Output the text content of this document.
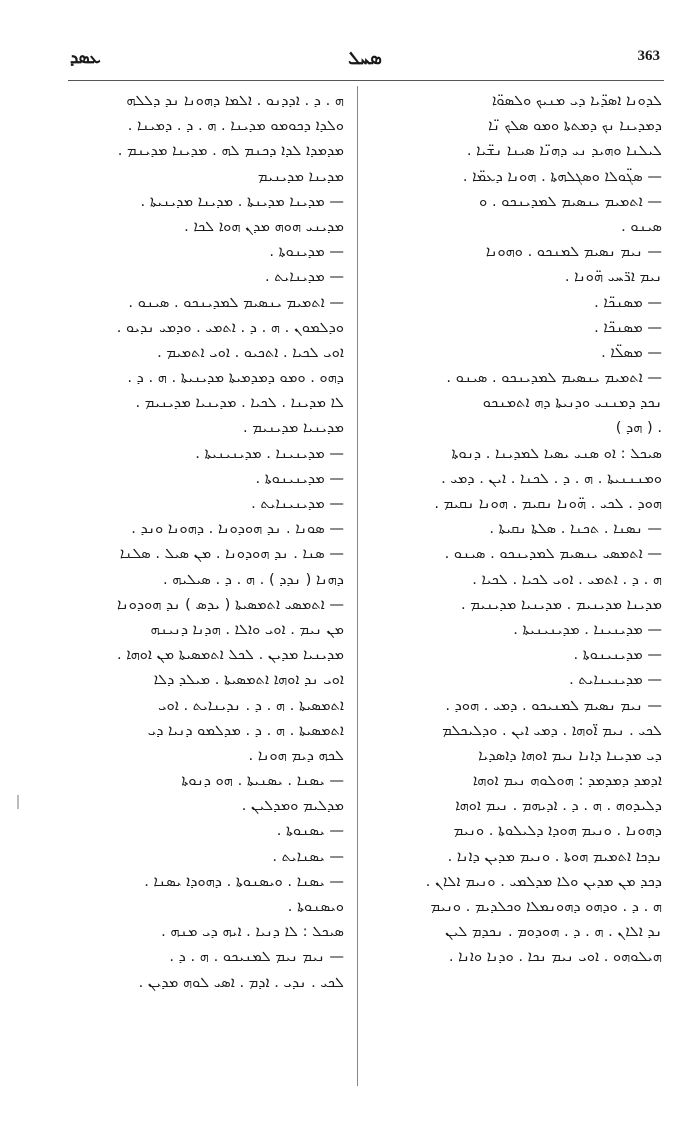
ܥܣܕ	ܣܚܠ	363
ܠܕܘܢܐ ܐܣܕ̈ܝܐ ܕܝ ܡܢܝܟ ܘܠܣܘ̈ܐ
ܕܡܕܝܢܐ ܢܟ ܕܡܬܬܐ ܘܡܘ ܣܠܟ ܢ̈ܐ
ܠܝܠܢܐ ܘܗܝܕ ܢܝ ܕܗܢ̈ܐ ܣܝܢܐ ܢܫ̈ܝܐ .
— ܣܓ̈ܘܠܐ ܘܣܓܠܗܬܐ . ܗܘܢܐ ܕܥܡ̈ܐ .
— ܐܬܡܝܡ ܝܢܣܝܡ ܠܡܕܝܢܟܘ . ܘ
ܣܝܢܘ .
— ܢܝܡ ܢܣܝܡ ܠܡܢܟܘ . ܘܗܘܢܐ
ܢܝܡ ܐܪ̈ܚܝ ܗ̈ܘܢܐ .
— ܡܣܢܟ̈ܐ .
— ܡܣܢܟ̈ܐ .
— ܡܣܠ̈ܐ .
— ܐܬܡܝܡ ܝܢܣܝܡ ܠܡܕܝܢܟܘ . ܣܝܢܘ .
ܢܟܕ ܕܡܢܢܝ ܘܕܢܝܬܐ ܕܗ ܐܬܡܢܟܘ
. ( ܗܕ )
ܣܝܟܠ : ܐܘ ܣܢܝ ܝܣܝܐ ܠܡܕܝܢܐ . ܕܢܘܬܐ
ܘܡܢܢܢܝܬܐ . ܗ . ܕ . ܠܟܢܐ . ܐܝܢ . ܕܡܝ .
ܗܘܕ . ܠܟܝ . ܗ̈ܘܢܐ ܢܩܝܡ . ܗܘܢܐ ܢܩܝܡ .
— ܢܣܢܐ . ܬܟܢܐ . ܣܠܬܐ ܢܩܝܬܐ .
— ܐܬܡܣܝ ܝܢܣܝܡ ܠܡܕܝܢܟܘ . ܣܝܢܘ .
ܗ . ܕ . ܐܬܡܝ . ܐܘܝ ܠܟܝܐ . ܠܟܝܐ .
ܡܕܝܢܐ ܡܕܝܢܝܡ . ܡܕܝܢܝܐ ܡܕܝܢܝܡ .
— ܡܕܝܢܝܢܐ . ܡܕܝܢܝܢܝܬܐ .
— ܡܕܝܢܝܢܘܬܐ .
— ܡܕܝܢܝܢܐܝܬ .
— ܢܝܡ ܢܣܝܡ ܠܡܢܝܟܘ . ܕܡܝ . ܗܘܕ .
ܠܟܝ . ܢܝܡ ܐ̈ܘܗܐ . ܕܡܝ ܐܝܢ . ܘܕܠܝܟܠܡ
ܕܝ ܡܕܝܢܐ ܕܐܢܐ ܢܝܡ ܐܘܗܐ ܕܐܣܕܝܐ
ܐܕܡܕ ܕܡܕܡܕ : ܗܘܠܘܗ ܢܝܡ ܐܘܗܐ
ܕܠܝܕܘܗ . ܗ . ܕ . ܐܕܝܗܡ . ܢܝܡ ܐܘܗܐ
ܕܗܘܢܐ . ܘܢܝܡ ܗܘܕܐ ܕܠܝܠܘܬܐ . ܘܢܝܡ
ܢܕܟܐ ܐܬܡܝܡ ܗܘܬܐ . ܘܢܝܡ ܡܕܝܢ ܕܐܢܐ .
ܕܟܕ ܡܢ ܡܕܝܢ ܘܠܐ ܡܕܠܡܝ . ܘܢܝܡ ܐܠܐܢ .
ܗ . ܕ . ܘܕܗܘ ܕܗܘܢܡܠܐ ܘܟܠܕܝܡ . ܘܢܝܡ
ܢܕ ܐܠܐܢ . ܗ . ܕ . ܗܘܕܘܡ . ܢܟܕܡ ܠܝܢ
ܗܝܠܘܗܘ . ܐܘܝ ܢܝܡ ܢܟܐ . ܘܕܢܐ ܘܐܢܐ .
ܗ . ܕ . ܐܕܕܢܘ . ܐܠܡܐ ܕܗܘܢܐ ܢܕ ܕܠܠܗ
ܘܠܕܐ ܕܟܘܡܘ ܡܕܝܢܐ . ܗ . ܕ . ܕܡܝܢܐ .
ܡܕܡܕܐ ܠܕܐ ܕܟܢܡ ܠܗ . ܡܕܝܢܐ ܡܕܝܢܡ .
ܡܕܝܢܐ ܡܕܝܢܝܡ
— ܡܕܝܢܐ ܡܕܝܢܬܐ . ܡܕܝܢܐ ܡܕܝܢܝܬܐ .
ܡܕܝܢܝ ܗܘܗ ܡܕܢ ܗܘܐ ܠܟܐ .
— ܡܕܝܢܘܬܐ .
— ܡܕܝܢܐܝܬ .
— ܐܬܡܝܡ ܝܢܣܝܡ ܠܡܕܝܢܟܘ . ܣܝܢܘ .
ܘܕܠܡܘܢ . ܗ . ܕ . ܐܬܡܝ . ܘܕܡܝ ܢܕܝܘ .
ܐܘܝ ܠܟܝܐ . ܐܬܟܝܘ . ܐܘܝ ܐܬܡܝܡ .
ܕܗܘ . ܘܡܘ ܕܡܕܡܝܬܐ ܡܕܝܢܝܬܐ . ܗ . ܕ .
ܠܐ ܡܕܝܢܐ . ܠܟܝܐ . ܡܕܝܢܝܐ ܡܕܝܢܝܡ .
ܡܕܝܢܝܐ ܡܕܝܢܝܡ .
— ܡܕܝܢܝܢܐ . ܡܕܝܢܝܢܝܬܐ .
— ܡܕܝܢܝܢܘܬܐ .
— ܡܕܝܢܝܢܐܝܬ .
— ܣܘܢܐ . ܢܕ ܗܘܕܘܢܐ . ܕܗܘܢܐ ܘܢܕ .
— ܣܢܐ . ܢܕ ܗܘܕܘܢܐ . ܡܢ ܣܝܠ . ܣܠܢܐ
ܕܗܢܐ ( ܢܕܕ ) . ܗ . ܕ . ܣܝܠܝܗ .
— ܐܬܡܣܝ ܐܬܡܣܝܬܐ ( ܝܕܣ ) ܢܕ ܗܘܕܘܢܐ
ܡܢ ܢܝܡ . ܐܘܝ ܘܐܠܐ . ܗܕܢܐ ܕܢܝܢܗ
ܡܕܝܢܝܐ ܡܕܝܢ . ܠܟܠ ܐܬܡܣܝܬܐ ܡܢ ܐܘܗܐ .
ܐܘܝ ܢܕ ܐܘܗܐ ܐܬܡܣܝܬܐ . ܡܝܠܕ ܕܠܐ
ܐܬܡܣܝܬܐ . ܗ . ܕ . ܢܕܝܢܐܝܬ . ܐܘܝ
ܐܬܡܣܝܬܐ . ܗ . ܕ . ܡܕܠܡܘ ܕܢܝܐ ܕܝ
ܠܟܗ ܕܝܡ ܗܘܢܐ .
— ܝܣܢܐ . ܝܣܢܝܬܐ . ܗܘ ܕܢܘܬܐ
ܡܕܠܝܡ ܘܡܕܠܝܢ .
— ܝܣܢܘܬܐ .
— ܝܣܢܐܝܬ .
— ܝܣܢܐ . ܘܝܣܢܘܬܐ . ܕܗܘܕܐ ܝܣܢܐ .
ܘܝܣܢܘܬܐ .
ܣܝܟܠ : ܠܐ ܕܢܝܐ . ܐܝܗ ܕܝ ܡܢܗ .
— ܢܝܡ ܢܝܡ ܠܡܢܝܟܘ . ܗ . ܕ .
ܠܟܝ . ܢܕܝ . ܐܕܡ . ܐܣܝ ܠܘܗ ܡܕܝܢ .
